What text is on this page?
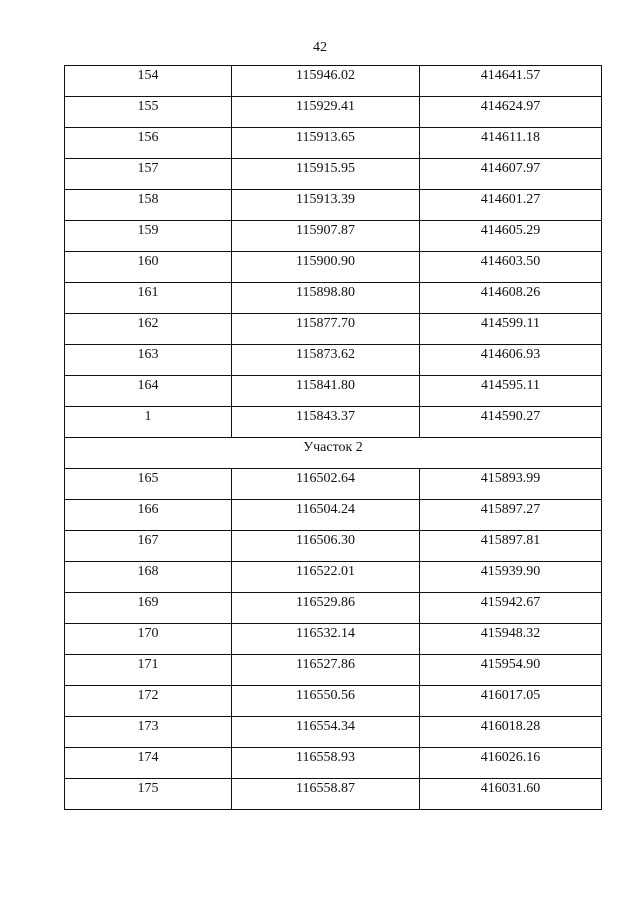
42
154	115946.02	414641.57
155	115929.41	414624.97
156	115913.65	414611.18
157	115915.95	414607.97
158	115913.39	414601.27
159	115907.87	414605.29
160	115900.90	414603.50
161	115898.80	414608.26
162	115877.70	414599.11
163	115873.62	414606.93
164	115841.80	414595.11
1	115843.37	414590.27
Участок 2		
165	116502.64	415893.99
166	116504.24	415897.27
167	116506.30	415897.81
168	116522.01	415939.90
169	116529.86	415942.67
170	116532.14	415948.32
171	116527.86	415954.90
172	116550.56	416017.05
173	116554.34	416018.28
174	116558.93	416026.16
175	116558.87	416031.60
